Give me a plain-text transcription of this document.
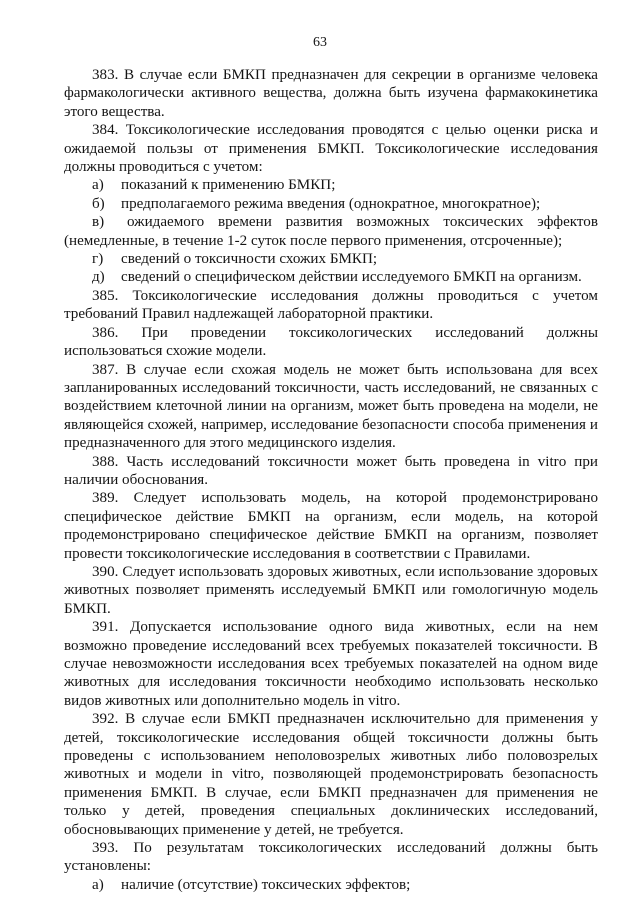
63

383. В случае если БМКП предназначен для секреции в организме человека фармакологически активного вещества, должна быть изучена фармакокинетика этого вещества.

384. Токсикологические исследования проводятся с целью оценки риска и ожидаемой пользы от применения БМКП. Токсикологические исследования должны проводиться с учетом:

а)	показаний к применению БМКП;
б)	предполагаемого режима введения (однократное, многократное);
в) ожидаемого времени развития возможных токсических эффектов (немедленные, в течение 1-2 суток после первого применения, отсроченные);
г)	сведений о токсичности схожих БМКП;
д)	сведений о специфическом действии исследуемого БМКП на организм.

385. Токсикологические исследования должны проводиться с учетом требований Правил надлежащей лабораторной практики.

386. При проведении токсикологических исследований должны использоваться схожие модели.

387. В случае если схожая модель не может быть использована для всех запланированных исследований токсичности, часть исследований, не связанных с воздействием клеточной линии на организм, может быть проведена на модели, не являющейся схожей, например, исследование безопасности способа применения и предназначенного для этого медицинского изделия.

388. Часть исследований токсичности может быть проведена in vitro при наличии обоснования.

389. Следует использовать модель, на которой продемонстрировано специфическое действие БМКП на организм, если модель, на которой продемонстрировано специфическое действие БМКП на организм, позволяет провести токсикологические исследования в соответствии с Правилами.

390. Следует использовать здоровых животных, если использование здоровых животных позволяет применять исследуемый БМКП или гомологичную модель БМКП.

391. Допускается использование одного вида животных, если на нем возможно проведение исследований всех требуемых показателей токсичности. В случае невозможности исследования всех требуемых показателей на одном виде животных для исследования токсичности необходимо использовать несколько видов животных или дополнительно модель in vitro.

392. В случае если БМКП предназначен исключительно для применения у детей, токсикологические исследования общей токсичности должны быть проведены с использованием неполовозрелых животных либо половозрелых животных и модели in vitro, позволяющей продемонстрировать безопасность применения БМКП. В случае, если БМКП предназначен для применения не только у детей, проведения специальных доклинических исследований, обосновывающих применение у детей, не требуется.

393. По результатам токсикологических исследований должны быть установлены:

а)	наличие (отсутствие) токсических эффектов;
